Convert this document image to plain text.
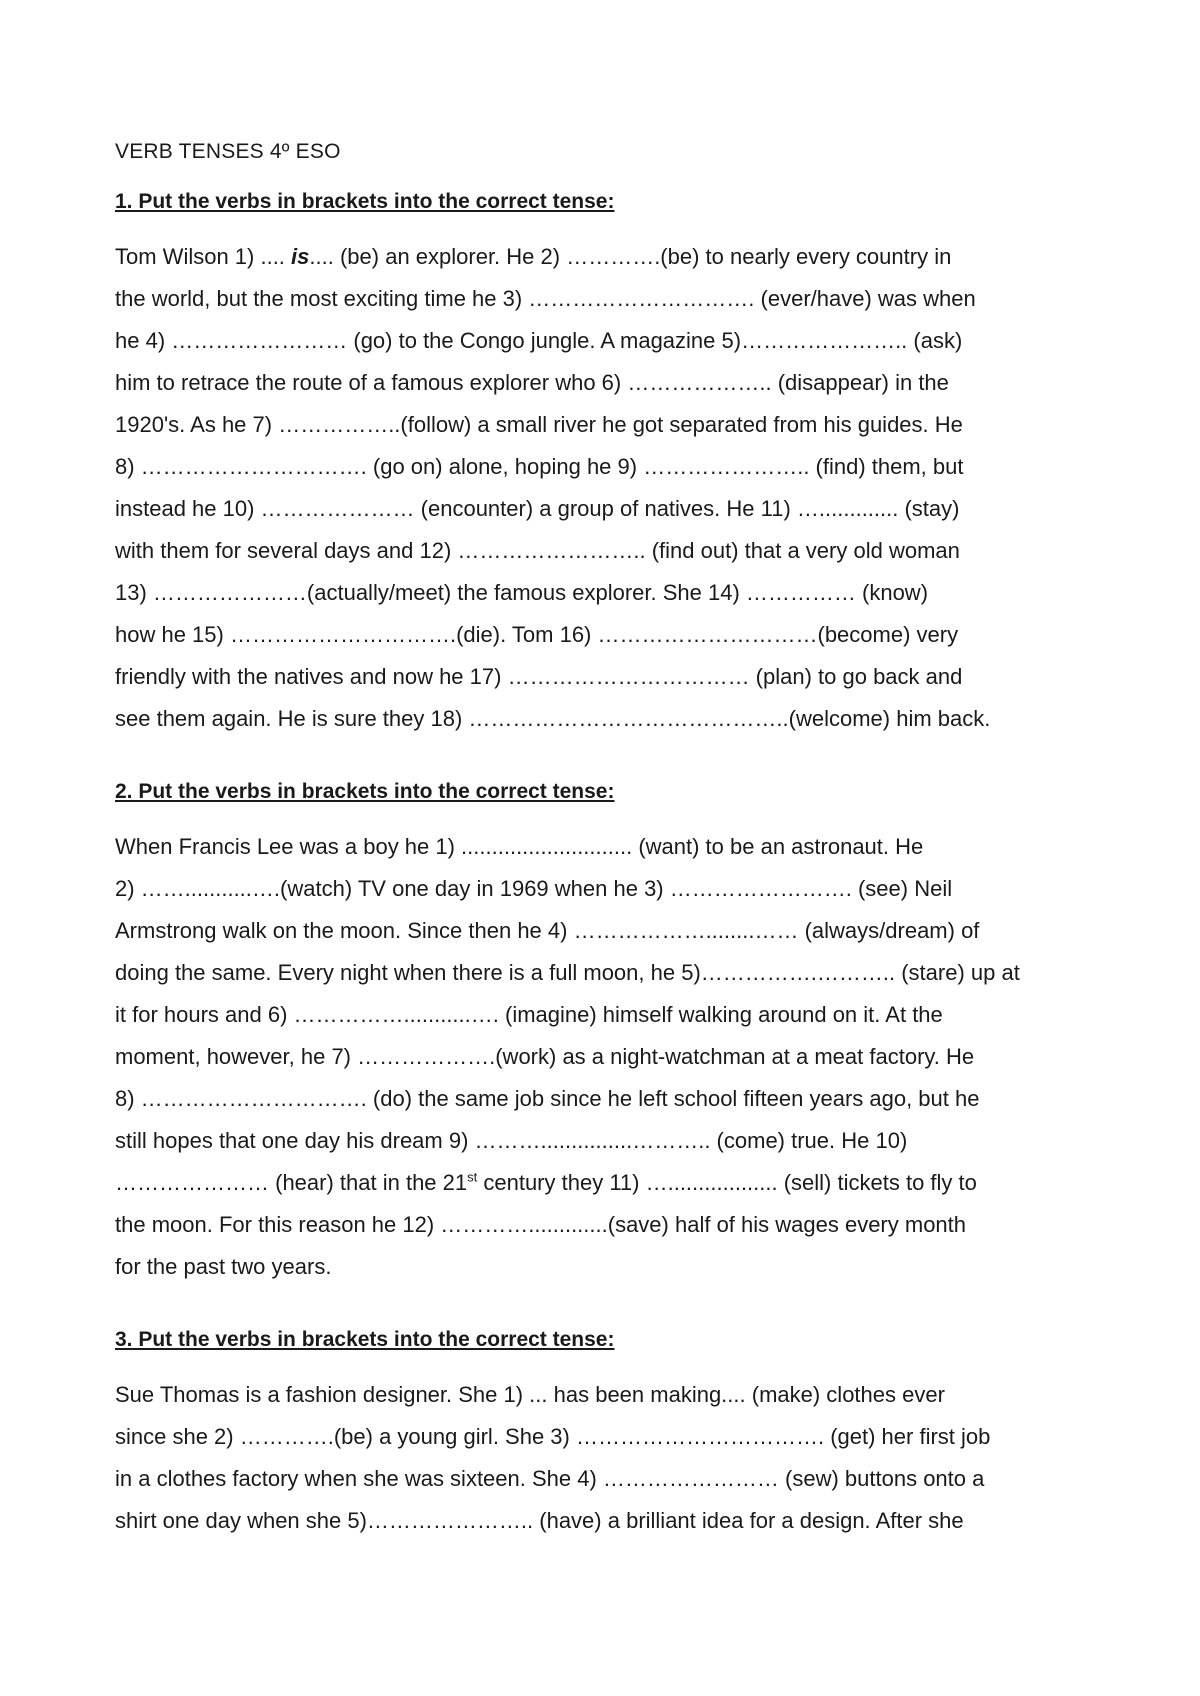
VERB TENSES 4º ESO
1. Put the verbs in brackets into the correct tense:
Tom Wilson 1) .... is.... (be) an explorer. He 2) ………….(be) to nearly every country in
the world, but the most exciting time he 3) …………………………. (ever/have) was when
he 4) …………………… (go) to the Congo jungle. A magazine 5)………………….. (ask)
him to retrace the route of a famous explorer who 6) ……………….. (disappear) in the
1920's. As he 7) ……………..(follow) a small river he got separated from his guides. He
8) …………………………. (go on) alone, hoping he 9) ………………….. (find) them, but
instead he 10) ………………… (encounter) a group of natives. He 11) …............. (stay)
with them for several days and 12) …………………….. (find out) that a very old woman
13) …………………(actually/meet) the famous explorer. She 14) …………… (know)
how he 15) ………………………….(die). Tom 16) …………………………(become) very
friendly with the natives and now he 17) …………………………… (plan) to go back and
see them again. He is sure they 18) ……………………………………..(welcome) him back.
2. Put the verbs in brackets into the correct tense:
When Francis Lee was a boy he 1) ............................ (want) to be an astronaut. He
2) ……...........….(watch) TV one day in 1969 when he 3) ……………………. (see) Neil
Armstrong walk on the moon. Since then he 4) ………………........…… (always/dream) of
doing the same. Every night when there is a full moon, he 5)…………….……….. (stare) up at
it for hours and 6) ……………...........…. (imagine) himself walking around on it. At the
moment, however, he 7) ……………….(work) as a night-watchman at a meat factory. He
8) …………………………. (do) the same job since he left school fifteen years ago, but he
still hopes that one day his dream 9) ………...............……….. (come) true. He 10)
………………… (hear) that in the 21st century they 11) ….................. (sell) tickets to fly to
the moon. For this reason he 12) ………….............(save) half of his wages every month
for the past two years.
3. Put the verbs in brackets into the correct tense:
Sue Thomas is a fashion designer. She 1) ... has been making.... (make) clothes ever
since she 2) ………….(be) a young girl. She 3) ……………………………. (get) her first job
in a clothes factory when she was sixteen. She 4) …………………… (sew) buttons onto a
shirt one day when she 5)………………….. (have) a brilliant idea for a design. After she
